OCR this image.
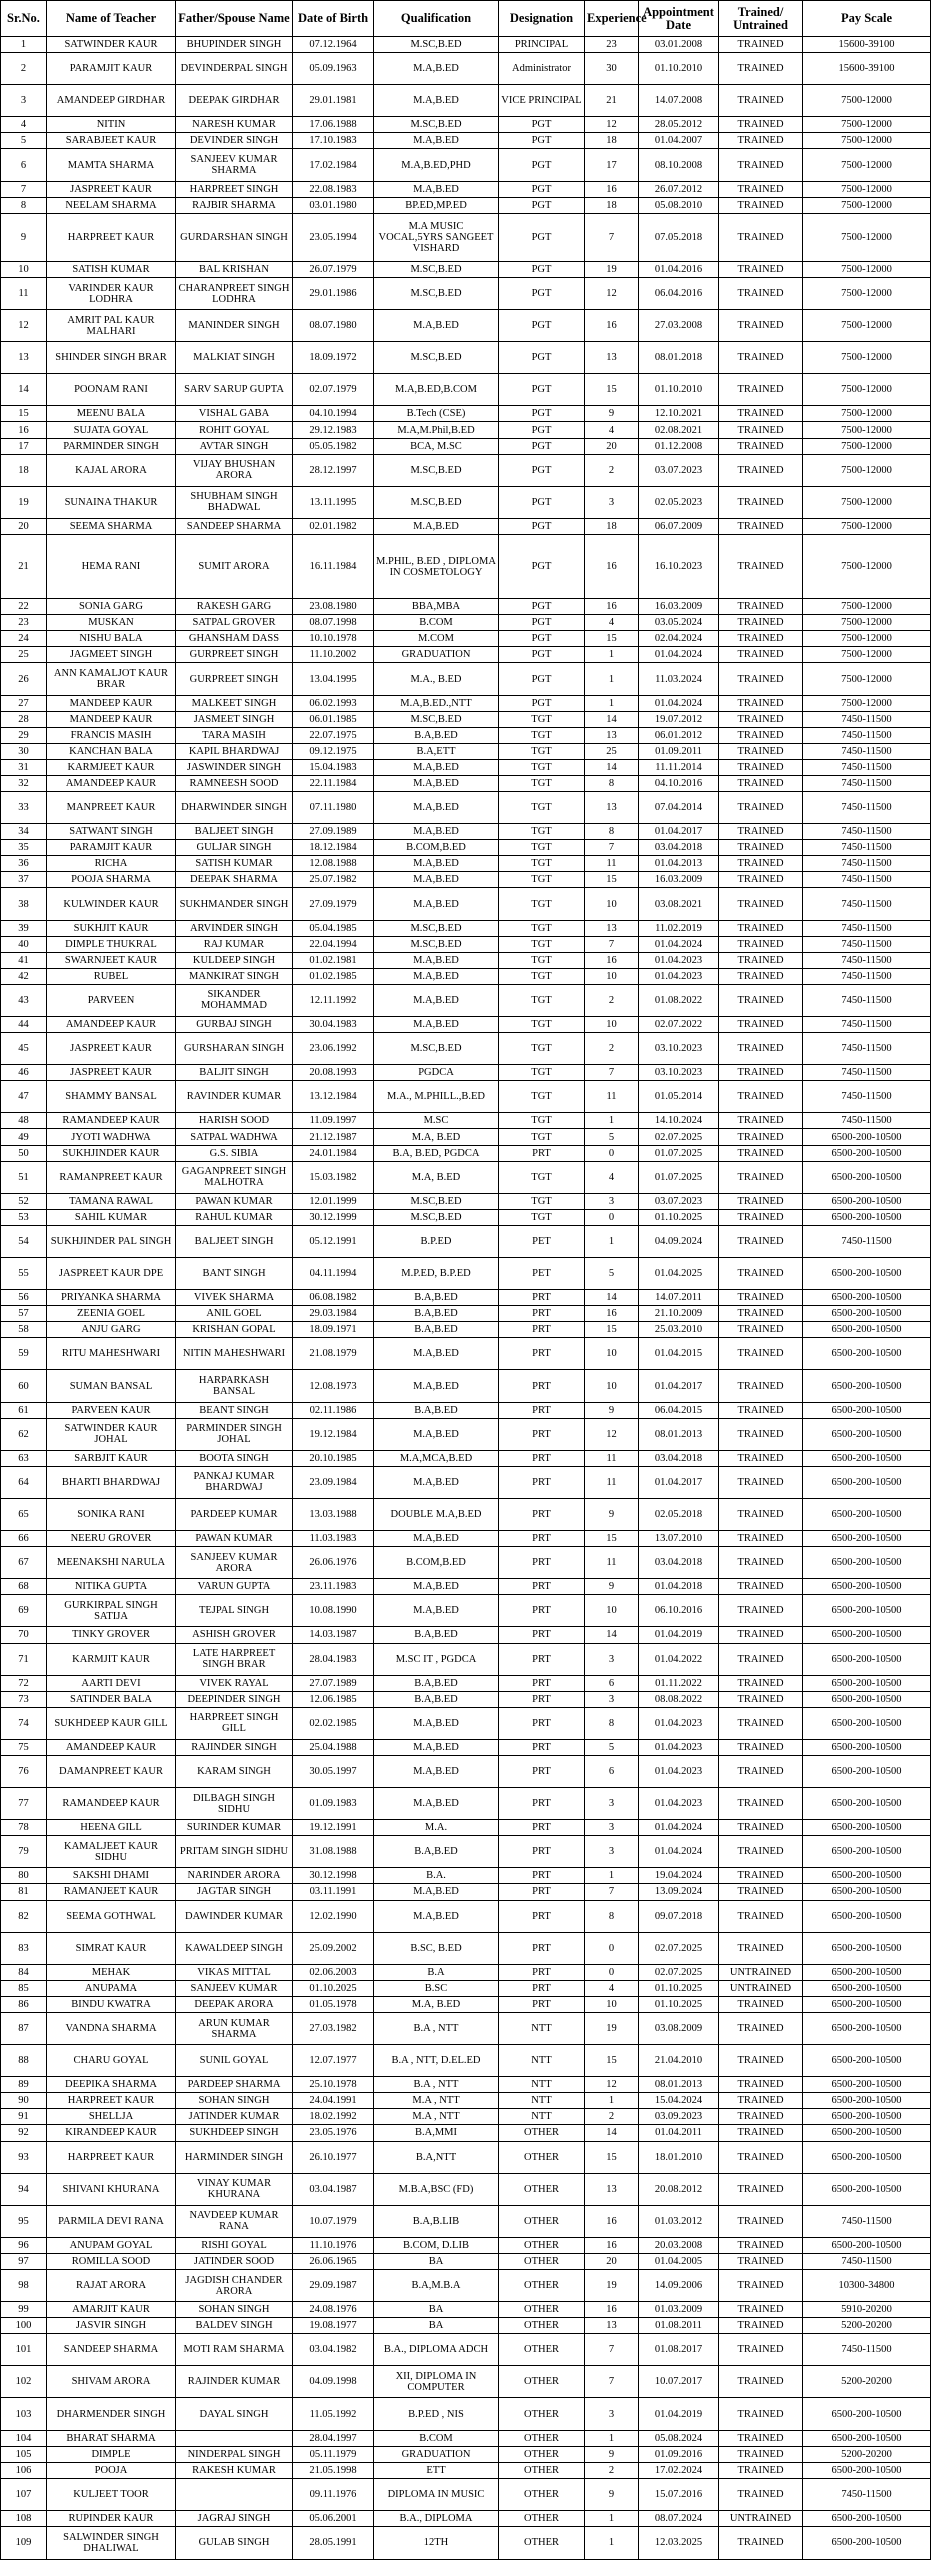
Sr.No.	Name of Teacher	Father/Spouse Name	Date of Birth	Qualification	Designation	Experience	Appointment Date	Trained/ Untrained	Pay Scale
1	SATWINDER KAUR	BHUPINDER SINGH	07.12.1964	M.SC,B.ED	PRINCIPAL	23	03.01.2008	TRAINED	15600-39100
2	PARAMJIT KAUR	DEVINDERPAL SINGH	05.09.1963	M.A,B.ED	Administrator	30	01.10.2010	TRAINED	15600-39100
3	AMANDEEP GIRDHAR	DEEPAK GIRDHAR	29.01.1981	M.A,B.ED	VICE PRINCIPAL	21	14.07.2008	TRAINED	7500-12000
4	NITIN	NARESH KUMAR	17.06.1988	M.SC,B.ED	PGT	12	28.05.2012	TRAINED	7500-12000
5	SARABJEET KAUR	DEVINDER SINGH	17.10.1983	M.A,B.ED	PGT	18	01.04.2007	TRAINED	7500-12000
6	MAMTA SHARMA	SANJEEV KUMAR SHARMA	17.02.1984	M.A,B.ED,PHD	PGT	17	08.10.2008	TRAINED	7500-12000
7	JASPREET KAUR	HARPREET SINGH	22.08.1983	M.A,B.ED	PGT	16	26.07.2012	TRAINED	7500-12000
8	NEELAM SHARMA	RAJBIR SHARMA	03.01.1980	BP.ED,MP.ED	PGT	18	05.08.2010	TRAINED	7500-12000
9	HARPREET KAUR	GURDARSHAN SINGH	23.05.1994	M.A MUSIC VOCAL,5YRS SANGEET VISHARD	PGT	7	07.05.2018	TRAINED	7500-12000
10	SATISH KUMAR	BAL KRISHAN	26.07.1979	M.SC,B.ED	PGT	19	01.04.2016	TRAINED	7500-12000
11	VARINDER KAUR LODHRA	CHARANPREET SINGH LODHRA	29.01.1986	M.SC,B.ED	PGT	12	06.04.2016	TRAINED	7500-12000
12	AMRIT PAL KAUR MALHARI	MANINDER SINGH	08.07.1980	M.A,B.ED	PGT	16	27.03.2008	TRAINED	7500-12000
13	SHINDER SINGH BRAR	MALKIAT SINGH	18.09.1972	M.SC,B.ED	PGT	13	08.01.2018	TRAINED	7500-12000
14	POONAM RANI	SARV SARUP GUPTA	02.07.1979	M.A,B.ED,B.COM	PGT	15	01.10.2010	TRAINED	7500-12000
15	MEENU BALA	VISHAL GABA	04.10.1994	B.Tech (CSE)	PGT	9	12.10.2021	TRAINED	7500-12000
16	SUJATA GOYAL	ROHIT GOYAL	29.12.1983	M.A,M.Phil,B.ED	PGT	4	02.08.2021	TRAINED	7500-12000
17	PARMINDER SINGH	AVTAR SINGH	05.05.1982	BCA, M.SC	PGT	20	01.12.2008	TRAINED	7500-12000
18	KAJAL ARORA	VIJAY BHUSHAN ARORA	28.12.1997	M.SC,B.ED	PGT	2	03.07.2023	TRAINED	7500-12000
19	SUNAINA THAKUR	SHUBHAM SINGH BHADWAL	13.11.1995	M.SC,B.ED	PGT	3	02.05.2023	TRAINED	7500-12000
20	SEEMA SHARMA	SANDEEP SHARMA	02.01.1982	M.A,B.ED	PGT	18	06.07.2009	TRAINED	7500-12000
21	HEMA RANI	SUMIT ARORA	16.11.1984	M.PHIL, B.ED , DIPLOMA IN COSMETOLOGY	PGT	16	16.10.2023	TRAINED	7500-12000
22	SONIA GARG	RAKESH GARG	23.08.1980	BBA,MBA	PGT	16	16.03.2009	TRAINED	7500-12000
23	MUSKAN	SATPAL GROVER	08.07.1998	B.COM	PGT	4	03.05.2024	TRAINED	7500-12000
24	NISHU BALA	GHANSHAM DASS	10.10.1978	M.COM	PGT	15	02.04.2024	TRAINED	7500-12000
25	JAGMEET SINGH	GURPREET SINGH	11.10.2002	GRADUATION	PGT	1	01.04.2024	TRAINED	7500-12000
26	ANN KAMALJOT KAUR BRAR	GURPREET SINGH	13.04.1995	M.A., B.ED	PGT	1	11.03.2024	TRAINED	7500-12000
27	MANDEEP KAUR	MALKEET SINGH	06.02.1993	M.A,B.ED.,NTT	PGT	1	01.04.2024	TRAINED	7500-12000
28	MANDEEP KAUR	JASMEET SINGH	06.01.1985	M.SC,B.ED	TGT	14	19.07.2012	TRAINED	7450-11500
29	FRANCIS MASIH	TARA MASIH	22.07.1975	B.A,B.ED	TGT	13	06.01.2012	TRAINED	7450-11500
30	KANCHAN BALA	KAPIL BHARDWAJ	09.12.1975	B.A,ETT	TGT	25	01.09.2011	TRAINED	7450-11500
31	KARMJEET KAUR	JASWINDER SINGH	15.04.1983	M.A,B.ED	TGT	14	11.11.2014	TRAINED	7450-11500
32	AMANDEEP KAUR	RAMNEESH SOOD	22.11.1984	M.A,B.ED	TGT	8	04.10.2016	TRAINED	7450-11500
33	MANPREET KAUR	DHARWINDER SINGH	07.11.1980	M.A,B.ED	TGT	13	07.04.2014	TRAINED	7450-11500
34	SATWANT SINGH	BALJEET SINGH	27.09.1989	M.A,B.ED	TGT	8	01.04.2017	TRAINED	7450-11500
35	PARAMJIT KAUR	GULJAR SINGH	18.12.1984	B.COM,B.ED	TGT	7	03.04.2018	TRAINED	7450-11500
36	RICHA	SATISH KUMAR	12.08.1988	M.A,B.ED	TGT	11	01.04.2013	TRAINED	7450-11500
37	POOJA SHARMA	DEEPAK SHARMA	25.07.1982	M.A,B.ED	TGT	15	16.03.2009	TRAINED	7450-11500
38	KULWINDER KAUR	SUKHMANDER SINGH	27.09.1979	M.A,B.ED	TGT	10	03.08.2021	TRAINED	7450-11500
39	SUKHJIT KAUR	ARVINDER SINGH	05.04.1985	M.SC,B.ED	TGT	13	11.02.2019	TRAINED	7450-11500
40	DIMPLE THUKRAL	RAJ KUMAR	22.04.1994	M.SC,B.ED	TGT	7	01.04.2024	TRAINED	7450-11500
41	SWARNJEET KAUR	KULDEEP SINGH	01.02.1981	M.A,B.ED	TGT	16	01.04.2023	TRAINED	7450-11500
42	RUBEL	MANKIRAT SINGH	01.02.1985	M.A,B.ED	TGT	10	01.04.2023	TRAINED	7450-11500
43	PARVEEN	SIKANDER MOHAMMAD	12.11.1992	M.A,B.ED	TGT	2	01.08.2022	TRAINED	7450-11500
44	AMANDEEP KAUR	GURBAJ SINGH	30.04.1983	M.A,B.ED	TGT	10	02.07.2022	TRAINED	7450-11500
45	JASPREET KAUR	GURSHARAN SINGH	23.06.1992	M.SC,B.ED	TGT	2	03.10.2023	TRAINED	7450-11500
46	JASPREET KAUR	BALJIT SINGH	20.08.1993	PGDCA	TGT	7	03.10.2023	TRAINED	7450-11500
47	SHAMMY BANSAL	RAVINDER KUMAR	13.12.1984	M.A., M.PHILL.,B.ED	TGT	11	01.05.2014	TRAINED	7450-11500
48	RAMANDEEP KAUR	HARISH SOOD	11.09.1997	M.SC	TGT	1	14.10.2024	TRAINED	7450-11500
49	JYOTI WADHWA	SATPAL WADHWA	21.12.1987	M.A, B.ED	TGT	5	02.07.2025	TRAINED	6500-200-10500
50	SUKHJINDER KAUR	G.S. SIBIA	24.01.1984	B.A, B.ED, PGDCA	PRT	0	01.07.2025	TRAINED	6500-200-10500
51	RAMANPREET KAUR	GAGANPREET SINGH MALHOTRA	15.03.1982	M.A, B.ED	TGT	4	01.07.2025	TRAINED	6500-200-10500
52	TAMANA RAWAL	PAWAN KUMAR	12.01.1999	M.SC,B.ED	TGT	3	03.07.2023	TRAINED	6500-200-10500
53	SAHIL KUMAR	RAHUL KUMAR	30.12.1999	M.SC,B.ED	TGT	0	01.10.2025	TRAINED	6500-200-10500
54	SUKHJINDER PAL SINGH	BALJEET SINGH	05.12.1991	B.P.ED	PET	1	04.09.2024	TRAINED	7450-11500
55	JASPREET KAUR DPE	BANT SINGH	04.11.1994	M.P.ED, B.P.ED	PET	5	01.04.2025	TRAINED	6500-200-10500
56	PRIYANKA SHARMA	VIVEK SHARMA	06.08.1982	B.A,B.ED	PRT	14	14.07.2011	TRAINED	6500-200-10500
57	ZEENIA GOEL	ANIL GOEL	29.03.1984	B.A,B.ED	PRT	16	21.10.2009	TRAINED	6500-200-10500
58	ANJU GARG	KRISHAN GOPAL	18.09.1971	B.A,B.ED	PRT	15	25.03.2010	TRAINED	6500-200-10500
59	RITU MAHESHWARI	NITIN MAHESHWARI	21.08.1979	M.A,B.ED	PRT	10	01.04.2015	TRAINED	6500-200-10500
60	SUMAN BANSAL	HARPARKASH BANSAL	12.08.1973	M.A,B.ED	PRT	10	01.04.2017	TRAINED	6500-200-10500
61	PARVEEN KAUR	BEANT SINGH	02.11.1986	B.A,B.ED	PRT	9	06.04.2015	TRAINED	6500-200-10500
62	SATWINDER KAUR JOHAL	PARMINDER SINGH JOHAL	19.12.1984	M.A,B.ED	PRT	12	08.01.2013	TRAINED	6500-200-10500
63	SARBJIT KAUR	BOOTA SINGH	20.10.1985	M.A,MCA,B.ED	PRT	11	03.04.2018	TRAINED	6500-200-10500
64	BHARTI BHARDWAJ	PANKAJ KUMAR BHARDWAJ	23.09.1984	M.A,B.ED	PRT	11	01.04.2017	TRAINED	6500-200-10500
65	SONIKA RANI	PARDEEP KUMAR	13.03.1988	DOUBLE M.A,B.ED	PRT	9	02.05.2018	TRAINED	6500-200-10500
66	NEERU GROVER	PAWAN KUMAR	11.03.1983	M.A,B.ED	PRT	15	13.07.2010	TRAINED	6500-200-10500
67	MEENAKSHI NARULA	SANJEEV KUMAR ARORA	26.06.1976	B.COM,B.ED	PRT	11	03.04.2018	TRAINED	6500-200-10500
68	NITIKA GUPTA	VARUN GUPTA	23.11.1983	M.A,B.ED	PRT	9	01.04.2018	TRAINED	6500-200-10500
69	GURKIRPAL SINGH SATIJA	TEJPAL SINGH	10.08.1990	M.A,B.ED	PRT	10	06.10.2016	TRAINED	6500-200-10500
70	TINKY GROVER	ASHISH GROVER	14.03.1987	B.A,B.ED	PRT	14	01.04.2019	TRAINED	6500-200-10500
71	KARMJIT KAUR	LATE HARPREET SINGH BRAR	28.04.1983	M.SC IT , PGDCA	PRT	3	01.04.2022	TRAINED	6500-200-10500
72	AARTI DEVI	VIVEK RAYAL	27.07.1989	B.A,B.ED	PRT	6	01.11.2022	TRAINED	6500-200-10500
73	SATINDER BALA	DEEPINDER SINGH	12.06.1985	B.A,B.ED	PRT	3	08.08.2022	TRAINED	6500-200-10500
74	SUKHDEEP KAUR GILL	HARPREET SINGH GILL	02.02.1985	M.A,B.ED	PRT	8	01.04.2023	TRAINED	6500-200-10500
75	AMANDEEP KAUR	RAJINDER SINGH	25.04.1988	M.A,B.ED	PRT	5	01.04.2023	TRAINED	6500-200-10500
76	DAMANPREET KAUR	KARAM SINGH	30.05.1997	M.A,B.ED	PRT	6	01.04.2023	TRAINED	6500-200-10500
77	RAMANDEEP KAUR	DILBAGH SINGH SIDHU	01.09.1983	M.A,B.ED	PRT	3	01.04.2023	TRAINED	6500-200-10500
78	HEENA GILL	SURINDER KUMAR	19.12.1991	M.A.	PRT	3	01.04.2024	TRAINED	6500-200-10500
79	KAMALJEET KAUR SIDHU	PRITAM SINGH SIDHU	31.08.1988	B.A,B.ED	PRT	3	01.04.2024	TRAINED	6500-200-10500
80	SAKSHI DHAMI	NARINDER ARORA	30.12.1998	B.A.	PRT	1	19.04.2024	TRAINED	6500-200-10500
81	RAMANJEET KAUR	JAGTAR SINGH	03.11.1991	M.A,B.ED	PRT	7	13.09.2024	TRAINED	6500-200-10500
82	SEEMA GOTHWAL	DAWINDER KUMAR	12.02.1990	M.A,B.ED	PRT	8	09.07.2018	TRAINED	6500-200-10500
83	SIMRAT KAUR	KAWALDEEP SINGH	25.09.2002	B.SC, B.ED	PRT	0	02.07.2025	TRAINED	6500-200-10500
84	MEHAK	VIKAS MITTAL	02.06.2003	B.A	PRT	0	02.07.2025	UNTRAINED	6500-200-10500
85	ANUPAMA	SANJEEV KUMAR	01.10.2025	B.SC	PRT	4	01.10.2025	UNTRAINED	6500-200-10500
86	BINDU KWATRA	DEEPAK ARORA	01.05.1978	M.A, B.ED	PRT	10	01.10.2025	TRAINED	6500-200-10500
87	VANDNA SHARMA	ARUN KUMAR SHARMA	27.03.1982	B.A , NTT	NTT	19	03.08.2009	TRAINED	6500-200-10500
88	CHARU GOYAL	SUNIL GOYAL	12.07.1977	B.A , NTT, D.EL.ED	NTT	15	21.04.2010	TRAINED	6500-200-10500
89	DEEPIKA SHARMA	PARDEEP SHARMA	25.10.1978	B.A , NTT	NTT	12	08.01.2013	TRAINED	6500-200-10500
90	HARPREET KAUR	SOHAN SINGH	24.04.1991	M.A , NTT	NTT	1	15.04.2024	TRAINED	6500-200-10500
91	SHELLJA	JATINDER KUMAR	18.02.1992	M.A , NTT	NTT	2	03.09.2023	TRAINED	6500-200-10500
92	KIRANDEEP KAUR	SUKHDEEP SINGH	23.05.1976	B.A,MMI	OTHER	14	01.04.2011	TRAINED	6500-200-10500
93	HARPREET KAUR	HARMINDER SINGH	26.10.1977	B.A,NTT	OTHER	15	18.01.2010	TRAINED	6500-200-10500
94	SHIVANI KHURANA	VINAY KUMAR KHURANA	03.04.1987	M.B.A,BSC (FD)	OTHER	13	20.08.2012	TRAINED	6500-200-10500
95	PARMILA DEVI RANA	NAVDEEP KUMAR RANA	10.07.1979	B.A,B.LIB	OTHER	16	01.03.2012	TRAINED	7450-11500
96	ANUPAM GOYAL	RISHI GOYAL	11.10.1976	B.COM, D.LIB	OTHER	16	20.03.2008	TRAINED	6500-200-10500
97	ROMILLA SOOD	JATINDER SOOD	26.06.1965	BA	OTHER	20	01.04.2005	TRAINED	7450-11500
98	RAJAT ARORA	JAGDISH CHANDER ARORA	29.09.1987	B.A,M.B.A	OTHER	19	14.09.2006	TRAINED	10300-34800
99	AMARJIT KAUR	SOHAN SINGH	24.08.1976	BA	OTHER	16	01.03.2009	TRAINED	5910-20200
100	JASVIR SINGH	BALDEV SINGH	19.08.1977	BA	OTHER	13	01.08.2011	TRAINED	5200-20200
101	SANDEEP SHARMA	MOTI RAM SHARMA	03.04.1982	B.A., DIPLOMA ADCH	OTHER	7	01.08.2017	TRAINED	7450-11500
102	SHIVAM ARORA	RAJINDER KUMAR	04.09.1998	XII, DIPLOMA IN COMPUTER	OTHER	7	10.07.2017	TRAINED	5200-20200
103	DHARMENDER SINGH	DAYAL SINGH	11.05.1992	B.P.ED , NIS	OTHER	3	01.04.2019	TRAINED	6500-200-10500
104	BHARAT SHARMA		28.04.1997	B.COM	OTHER	1	05.08.2024	TRAINED	6500-200-10500
105	DIMPLE	NINDERPAL SINGH	05.11.1979	GRADUATION	OTHER	9	01.09.2016	TRAINED	5200-20200
106	POOJA	RAKESH KUMAR	21.05.1998	ETT	OTHER	2	17.02.2024	TRAINED	6500-200-10500
107	KULJEET TOOR		09.11.1976	DIPLOMA IN MUSIC	OTHER	9	15.07.2016	TRAINED	7450-11500
108	RUPINDER KAUR	JAGRAJ SINGH	05.06.2001	B.A., DIPLOMA	OTHER	1	08.07.2024	UNTRAINED	6500-200-10500
109	SALWINDER SINGH DHALIWAL	GULAB SINGH	28.05.1991	12TH	OTHER	1	12.03.2025	TRAINED	6500-200-10500
